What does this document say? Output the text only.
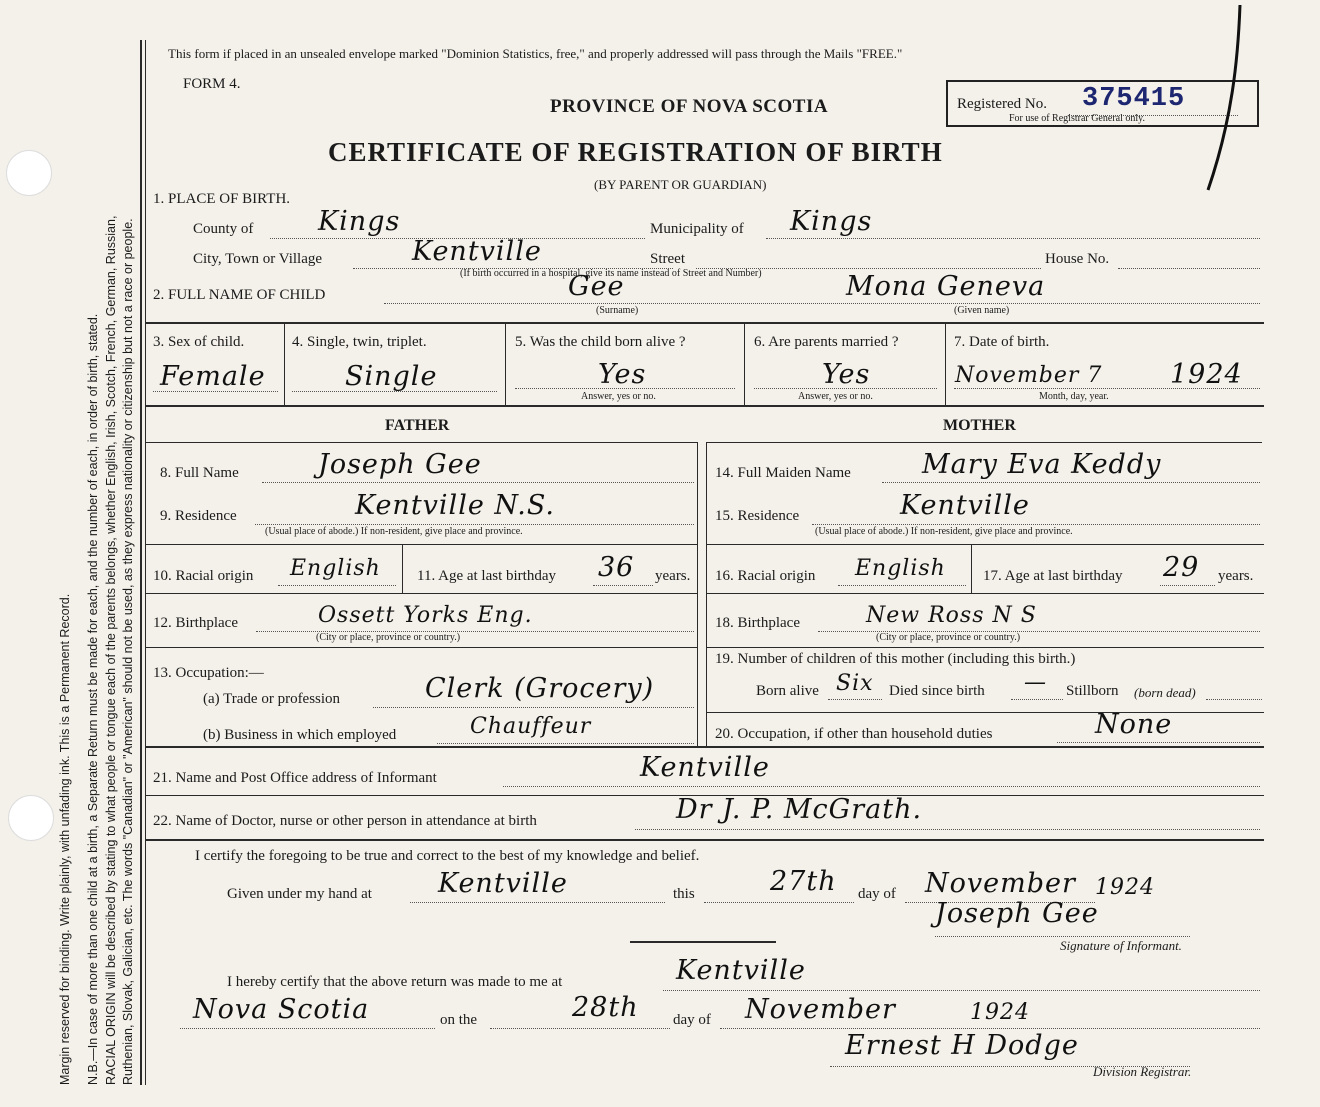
Margin reserved for binding. Write plainly, with unfading ink. This is a Permanent Record. N.B.—In case of more than one child at a birth, a Separate Return must be made for each, and the number of each, in order of birth, stated. RACIAL ORIGIN will be described by stating to what people or tongue each of the parents belongs, whether English, Irish, Scotch, French, German, Russian, Ruthenian, Slovak, Galician, etc. The words "Canadian" or "American" should not be used, as they express nationality or citizenship but not a race or people.
This form if placed in an unsealed envelope marked "Dominion Statistics, free," and properly addressed will pass through the Mails "FREE."
FORM 4.
PROVINCE OF NOVA SCOTIA
CERTIFICATE OF REGISTRATION OF BIRTH
(BY PARENT OR GUARDIAN)
Registered No. 375415
For use of Registrar General only.
1. PLACE OF BIRTH.
County of Kings	Municipality of Kings
City, Town or Village	Kentville	Street	House No.
(If birth occurred in a hospital, give its name instead of Street and Number)
2. FULL NAME OF CHILD	Gee
(Surname)
Mona Geneva
(Given name)
3. Sex of child.
Female
4. Single, twin, triplet.
Single
5. Was the child born alive ?
Yes
Answer, yes or no.
6. Are parents married ?
Yes
Answer, yes or no.
7. Date of birth.
November 7	1924
Month, day, year.
FATHER	MOTHER
8. Full Name	Joseph Gee
9. Residence	Kentville N.S.
(Usual place of abode.) If non-resident, give place and province.
10. Racial origin English 11. Age at last birthday 36 years.
12. Birthplace	Ossett Yorks Eng.
(City or place, province or country.)
13. Occupation:—
(a) Trade or profession	Clerk (Grocery)
(b) Business in which employed	Chauffeur
14. Full Maiden Name	Mary Eva Keddy
15. Residence	Kentville
(Usual place of abode.) If non-resident, give place and province.
16. Racial origin English 17. Age at last birthday 29 years.
18. Birthplace	New Ross N S
(City or place, province or country.)
19. Number of children of this mother (including this birth.)
Born alive Six Died since birth — Stillborn (born dead)
20. Occupation, if other than household duties	None
21. Name and Post Office address of Informant	Kentville
22. Name of Doctor, nurse or other person in attendance at birth	Dr J. P. McGrath.
I certify the foregoing to be true and correct to the best of my knowledge and belief.
Given under my hand at Kentville	this	27th day of November 1924
Joseph Gee
Signature of Informant.
I hereby certify that the above return was made to me at	Kentville
Nova Scotia	on the	28th day of November	1924
Ernest H Dodge
Division Registrar.
